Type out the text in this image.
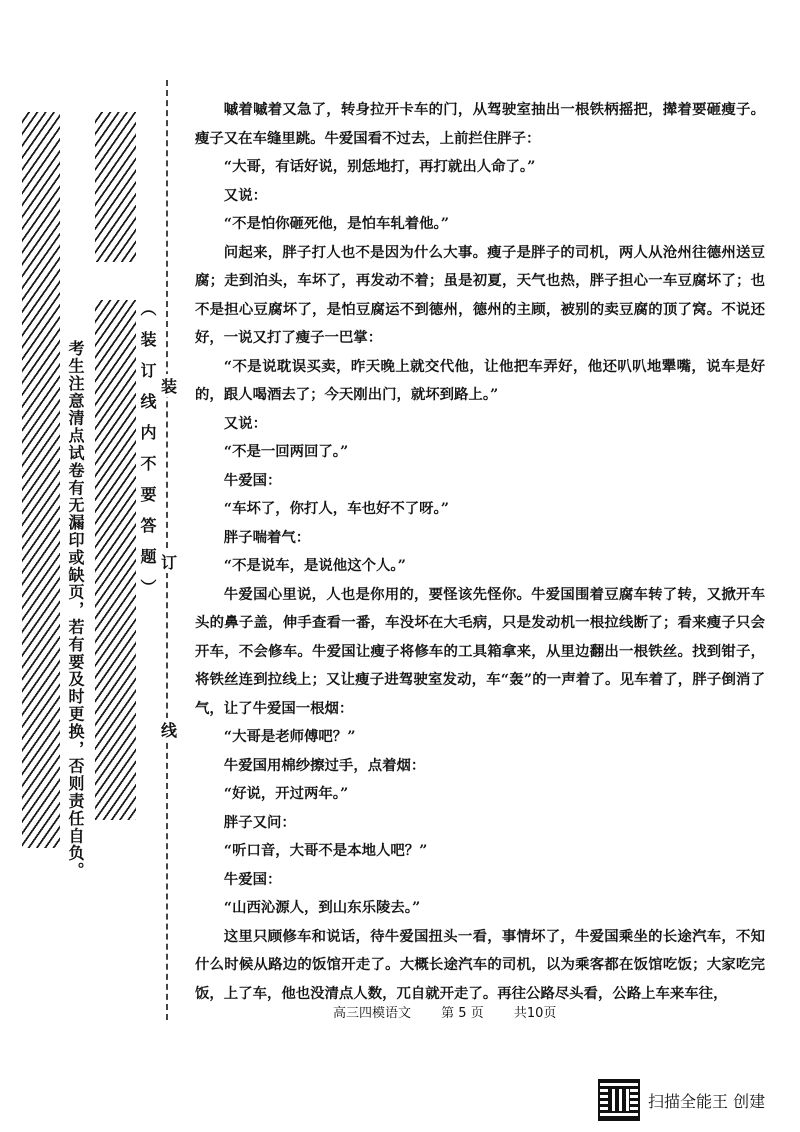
考生注意清点试卷有无漏印或缺页，若有要及时更换，否则责任自负。	（装订线内不要答题） 装
订
线

嘁着嘁着又急了，转身拉开卡车的门，从驾驶室抽出一根铁柄摇把，撵着要砸瘦子。瘦子又在车缝里跳。牛爱国看不过去，上前拦住胖子：

“大哥，有话好说，别恁地打，再打就出人命了。”

又说：

“不是怕你砸死他，是怕车轧着他。”

问起来，胖子打人也不是因为什么大事。瘦子是胖子的司机，两人从沧州往德州送豆腐；走到泊头，车坏了，再发动不着；虽是初夏，天气也热，胖子担心一车豆腐坏了；也不是担心豆腐坏了，是怕豆腐运不到德州，德州的主顾，被别的卖豆腐的顶了窝。不说还好，一说又打了瘦子一巴掌：

“不是说耽误买卖，昨天晚上就交代他，让他把车弄好，他还叭叭地犟嘴，说车是好的，跟人喝酒去了；今天刚出门，就坏到路上。”

又说：

“不是一回两回了。”

牛爱国：

“车坏了，你打人，车也好不了呀。”

胖子喘着气：

“不是说车，是说他这个人。”

牛爱国心里说，人也是你用的，要怪该先怪你。牛爱国围着豆腐车转了转，又掀开车头的鼻子盖，伸手查看一番，车没坏在大毛病，只是发动机一根拉线断了；看来瘦子只会开车，不会修车。牛爱国让瘦子将修车的工具箱拿来，从里边翻出一根铁丝。找到钳子，将铁丝连到拉线上；又让瘦子进驾驶室发动，车“轰”的一声着了。见车着了，胖子倒消了气，让了牛爱国一根烟：

“大哥是老师傅吧？”

牛爱国用棉纱擦过手，点着烟：

“好说，开过两年。”

胖子又问：

“听口音，大哥不是本地人吧？”

牛爱国：

“山西沁源人，到山东乐陵去。”

这里只顾修车和说话，待牛爱国扭头一看，事情坏了，牛爱国乘坐的长途汽车，不知什么时候从路边的饭馆开走了。大概长途汽车的司机，以为乘客都在饭馆吃饭；大家吃完饭，上了车，他也没清点人数，兀自就开走了。再往公路尽头看，公路上车来车往，

高三四模语文 第 5 页 共10页
扫描全能王 创建
